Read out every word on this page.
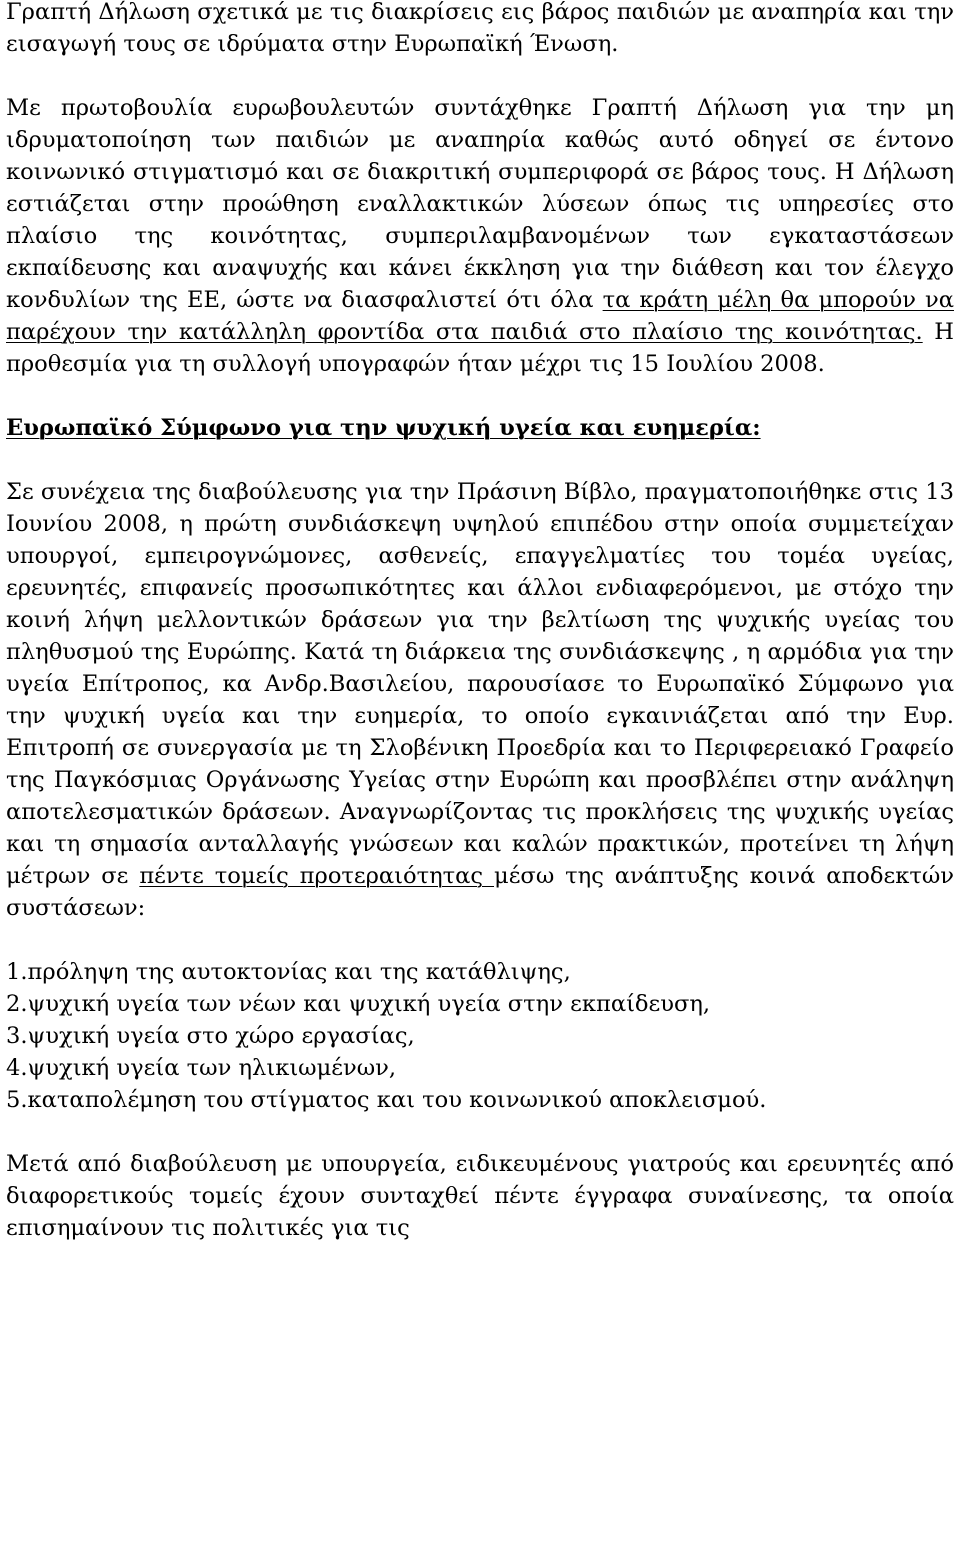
Γραπτή Δήλωση σχετικά με τις διακρίσεις εις βάρος παιδιών με αναπηρία και την εισαγωγή τους σε ιδρύματα στην Ευρωπαϊκή Ένωση.

Με πρωτοβουλία ευρωβουλευτών συντάχθηκε Γραπτή Δήλωση για την μη ιδρυματοποίηση των παιδιών με αναπηρία καθώς αυτό οδηγεί σε έντονο κοινωνικό στιγματισμό και σε διακριτική συμπεριφορά σε βάρος τους. Η Δήλωση εστιάζεται στην προώθηση εναλλακτικών λύσεων όπως τις υπηρεσίες στο πλαίσιο της κοινότητας, συμπεριλαμβανομένων των εγκαταστάσεων εκπαίδευσης και αναψυχής και κάνει έκκληση για την διάθεση και τον έλεγχο κονδυλίων της ΕΕ, ώστε να διασφαλιστεί ότι όλα τα κράτη μέλη θα μπορούν να παρέχουν την κατάλληλη φροντίδα στα παιδιά στο πλαίσιο της κοινότητας. Η προθεσμία για τη συλλογή υπογραφών ήταν μέχρι τις 15 Ιουλίου 2008.

Ευρωπαϊκό Σύμφωνο για την ψυχική υγεία και ευημερία:

Σε συνέχεια της διαβούλευσης για την Πράσινη Βίβλο, πραγματοποιήθηκε στις 13 Ιουνίου 2008, η πρώτη συνδιάσκεψη υψηλού επιπέδου στην οποία συμμετείχαν υπουργοί, εμπειρογνώμονες, ασθενείς, επαγγελματίες του τομέα υγείας, ερευνητές, επιφανείς προσωπικότητες και άλλοι ενδιαφερόμενοι, με στόχο την κοινή λήψη μελλοντικών δράσεων για την βελτίωση της ψυχικής υγείας του πληθυσμού της Ευρώπης. Κατά τη διάρκεια της συνδιάσκεψης , η αρμόδια για την υγεία Επίτροπος, κα Ανδρ.Βασιλείου, παρουσίασε το Ευρωπαϊκό Σύμφωνο για την ψυχική υγεία και την ευημερία, το οποίο εγκαινιάζεται από την Ευρ. Επιτροπή σε συνεργασία με τη Σλοβένικη Προεδρία και το Περιφερειακό Γραφείο της Παγκόσμιας Οργάνωσης Υγείας στην Ευρώπη και προσβλέπει στην ανάληψη αποτελεσματικών δράσεων. Αναγνωρίζοντας τις προκλήσεις της ψυχικής υγείας και τη σημασία ανταλλαγής γνώσεων και καλών πρακτικών, προτείνει τη λήψη μέτρων σε πέντε τομείς προτεραιότητας μέσω της ανάπτυξης κοινά αποδεκτών συστάσεων:

1.πρόληψη της αυτοκτονίας και της κατάθλιψης,

2.ψυχική υγεία των νέων και ψυχική υγεία στην εκπαίδευση,

3.ψυχική υγεία στο χώρο εργασίας,

4.ψυχική υγεία των ηλικιωμένων,

5.καταπολέμηση του στίγματος και του κοινωνικού αποκλεισμού.

Μετά από διαβούλευση με υπουργεία, ειδικευμένους γιατρούς και ερευνητές από διαφορετικούς τομείς έχουν συνταχθεί πέντε έγγραφα συναίνεσης, τα οποία επισημαίνουν τις πολιτικές για τις
